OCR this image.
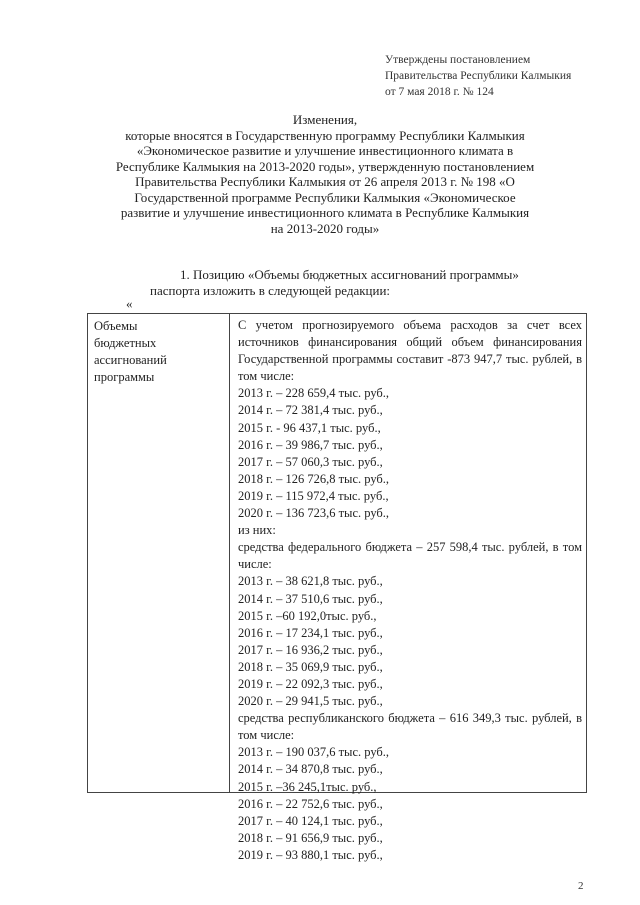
Утверждены постановлением
Правительства Республики Калмыкия
от 7 мая 2018 г. № 124
Изменения,
которые вносятся в Государственную программу Республики Калмыкия
«Экономическое развитие и улучшение инвестиционного климата в
Республике Калмыкия на 2013-2020 годы», утвержденную постановлением
Правительства Республики Калмыкия от 26 апреля 2013 г. № 198 «О
Государственной программе Республики Калмыкия «Экономическое
развитие и улучшение инвестиционного климата в Республике Калмыкия
на 2013-2020 годы»
1. Позицию «Объемы бюджетных ассигнований программы»
паспорта изложить в следующей редакции:
«
Объемы
бюджетных
ассигнований
программы
С учетом прогнозируемого объема расходов за счет всех источников финансирования общий объем финансирования Государственной программы составит -873 947,7 тыс. рублей, в том числе:
2013 г. – 228 659,4 тыс. руб.,
2014 г. – 72 381,4 тыс. руб.,
2015 г. - 96 437,1 тыс. руб.,
2016 г. – 39 986,7 тыс. руб.,
2017 г. – 57 060,3 тыс. руб.,
2018 г. – 126 726,8 тыс. руб.,
2019 г. – 115 972,4 тыс. руб.,
2020 г. – 136 723,6 тыс. руб.,
из них:
средства федерального бюджета – 257 598,4 тыс. рублей, в том числе:
2013 г. – 38 621,8 тыс. руб.,
2014 г. – 37 510,6 тыс. руб.,
2015 г. –60 192,0тыс. руб.,
2016 г. – 17 234,1 тыс. руб.,
2017 г. – 16 936,2 тыс. руб.,
2018 г. – 35 069,9 тыс. руб.,
2019 г. – 22 092,3 тыс. руб.,
2020 г. – 29 941,5 тыс. руб.,
средства республиканского бюджета – 616 349,3 тыс. рублей, в том числе:
2013 г. – 190 037,6 тыс. руб.,
2014 г. – 34 870,8 тыс. руб.,
2015 г. –36 245,1тыс. руб.,
2016 г. – 22 752,6 тыс. руб.,
2017 г. – 40 124,1 тыс. руб.,
2018 г. – 91 656,9 тыс. руб.,
2019 г. – 93 880,1 тыс. руб.,
2
